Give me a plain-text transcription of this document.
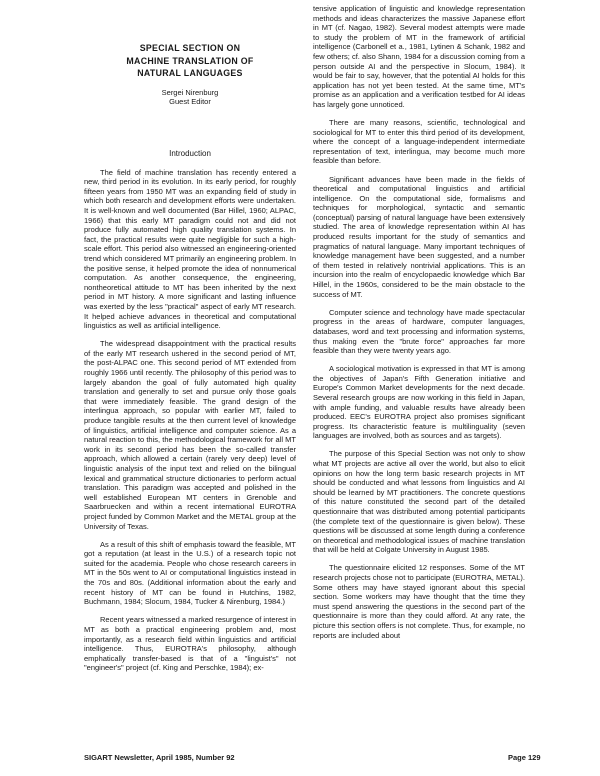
SPECIAL SECTION ON
MACHINE TRANSLATION OF
NATURAL LANGUAGES
Sergei Nirenburg
Guest Editor
Introduction

The field of machine translation has recently entered a new, third period in its evolution. In its early period, for roughly fifteen years from 1950 MT was an expanding field of study in which both research and development efforts were undertaken. It is well-known and well documented (Bar Hillel, 1960; ALPAC, 1966) that this early MT paradigm could not and did not produce fully automated high quality translation systems. In fact, the practical results were quite negligible for such a high-scale effort. This period also witnessed an engineering-oriented trend which considered MT primarily an engineering problem. In the positive sense, it helped promote the idea of nonnumerical computation. As another consequence, the engineering, nontheoretical attitude to MT has been inherited by the next period in MT history. A more significant and lasting influence was exerted by the less "practical" aspect of early MT research. It helped achieve advances in theoretical and computational linguistics as well as artificial intelligence.

The widespread disappointment with the practical results of the early MT research ushered in the second period of MT, the post-ALPAC one. This second period of MT extended from roughly 1966 until recently. The philosophy of this period was to largely abandon the goal of fully automated high quality translation and generally to set and pursue only those goals that were immediately feasible. The grand design of the interlingua approach, so popular with earlier MT, failed to produce tangible results at the then current level of knowledge of linguistics, artificial intelligence and computer science. As a natural reaction to this, the methodological framework for all MT work in its second period has been the so-called transfer approach, which allowed a certain (rarely very deep) level of linguistic analysis of the input text and relied on the bilingual lexical and grammatical structure dictionaries to perform actual translation. This paradigm was accepted and polished in the well established European MT centers in Grenoble and Saarbruecken and within a recent international EUROTRA project funded by Common Market and the METAL group at the University of Texas.

As a result of this shift of emphasis toward the feasible, MT got a reputation (at least in the U.S.) of a research topic not suited for the academia. People who chose research careers in MT in the 50s went to AI or computational linguistics instead in the 70s and 80s. (Additional information about the early and recent history of MT can be found in Hutchins, 1982, Buchmann, 1984; Slocum, 1984, Tucker & Nirenburg, 1984.)

Recent years witnessed a marked resurgence of interest in MT as both a practical engineering problem and, most importantly, as a research field within linguistics and artificial intelligence. Thus, EUROTRA's philosophy, although emphatically transfer-based is that of a "linguist's" not "engineer's" project (cf. King and Perschke, 1984); ex-

tensive application of linguistic and knowledge representation methods and ideas characterizes the massive Japanese effort in MT (cf. Nagao, 1982). Several modest attempts were made to study the problem of MT in the framework of artificial intelligence (Carbonell et a., 1981, Lytinen & Schank, 1982 and few others; cf. also Shann, 1984 for a discussion coming from a person outside AI and the perspective in Slocum, 1984). It would be fair to say, however, that the potential AI holds for this application has not yet been tested. At the same time, MT's promise as an application and a verification testbed for AI ideas has largely gone unnoticed.

There are many reasons, scientific, technological and sociological for MT to enter this third period of its development, where the concept of a language-independent intermediate representation of text, interlingua, may become much more feasible than before.

Significant advances have been made in the fields of theoretical and computational linguistics and artificial intelligence. On the computational side, formalisms and techniques for morphological, syntactic and semantic (conceptual) parsing of natural language have been extensively studied. The area of knowledge representation within AI has produced results important for the study of semantics and pragmatics of natural language. Many important techniques of knowledge management have been suggested, and a number of them tested in relatively nontrivial applications. This is an incursion into the realm of encyclopaedic knowledge which Bar Hillel, in the 1960s, considered to be the main obstacle to the success of MT.

Computer science and technology have made spectacular progress in the areas of hardware, computer languages, databases, word and text processing and information systems, thus making even the "brute force" approaches far more feasible than they were twenty years ago.

A sociological motivation is expressed in that MT is among the objectives of Japan's Fifth Generation initiative and Europe's Common Market developments for the next decade. Several research groups are now working in this field in Japan, with ample funding, and valuable results have already been produced. EEC's EUROTRA project also promises significant progress. Its characteristic feature is multilinguality (seven languages are involved, both as sources and as targets).

The purpose of this Special Section was not only to show what MT projects are active all over the world, but also to elicit opinions on how the long term basic research projects in MT should be conducted and what lessons from linguistics and AI should be learned by MT practitioners. The concrete questions of this nature constituted the second part of the detailed questionnaire that was distributed among potential participants (the complete text of the questionnaire is given below). These questions will be discussed at some length during a conference on theoretical and methodological issues of machine translation that will be held at Colgate University in August 1985.

The questionnaire elicited 12 responses. Some of the MT research projects chose not to participate (EUROTRA, METAL). Some others may have stayed ignorant about this special section. Some workers may have thought that the time they must spend answering the questions in the second part of the questionnaire is more than they could afford. At any rate, the picture this section offers is not complete. Thus, for example, no reports are included about

SIGART Newsletter, April 1985, Number 92	Page 129
